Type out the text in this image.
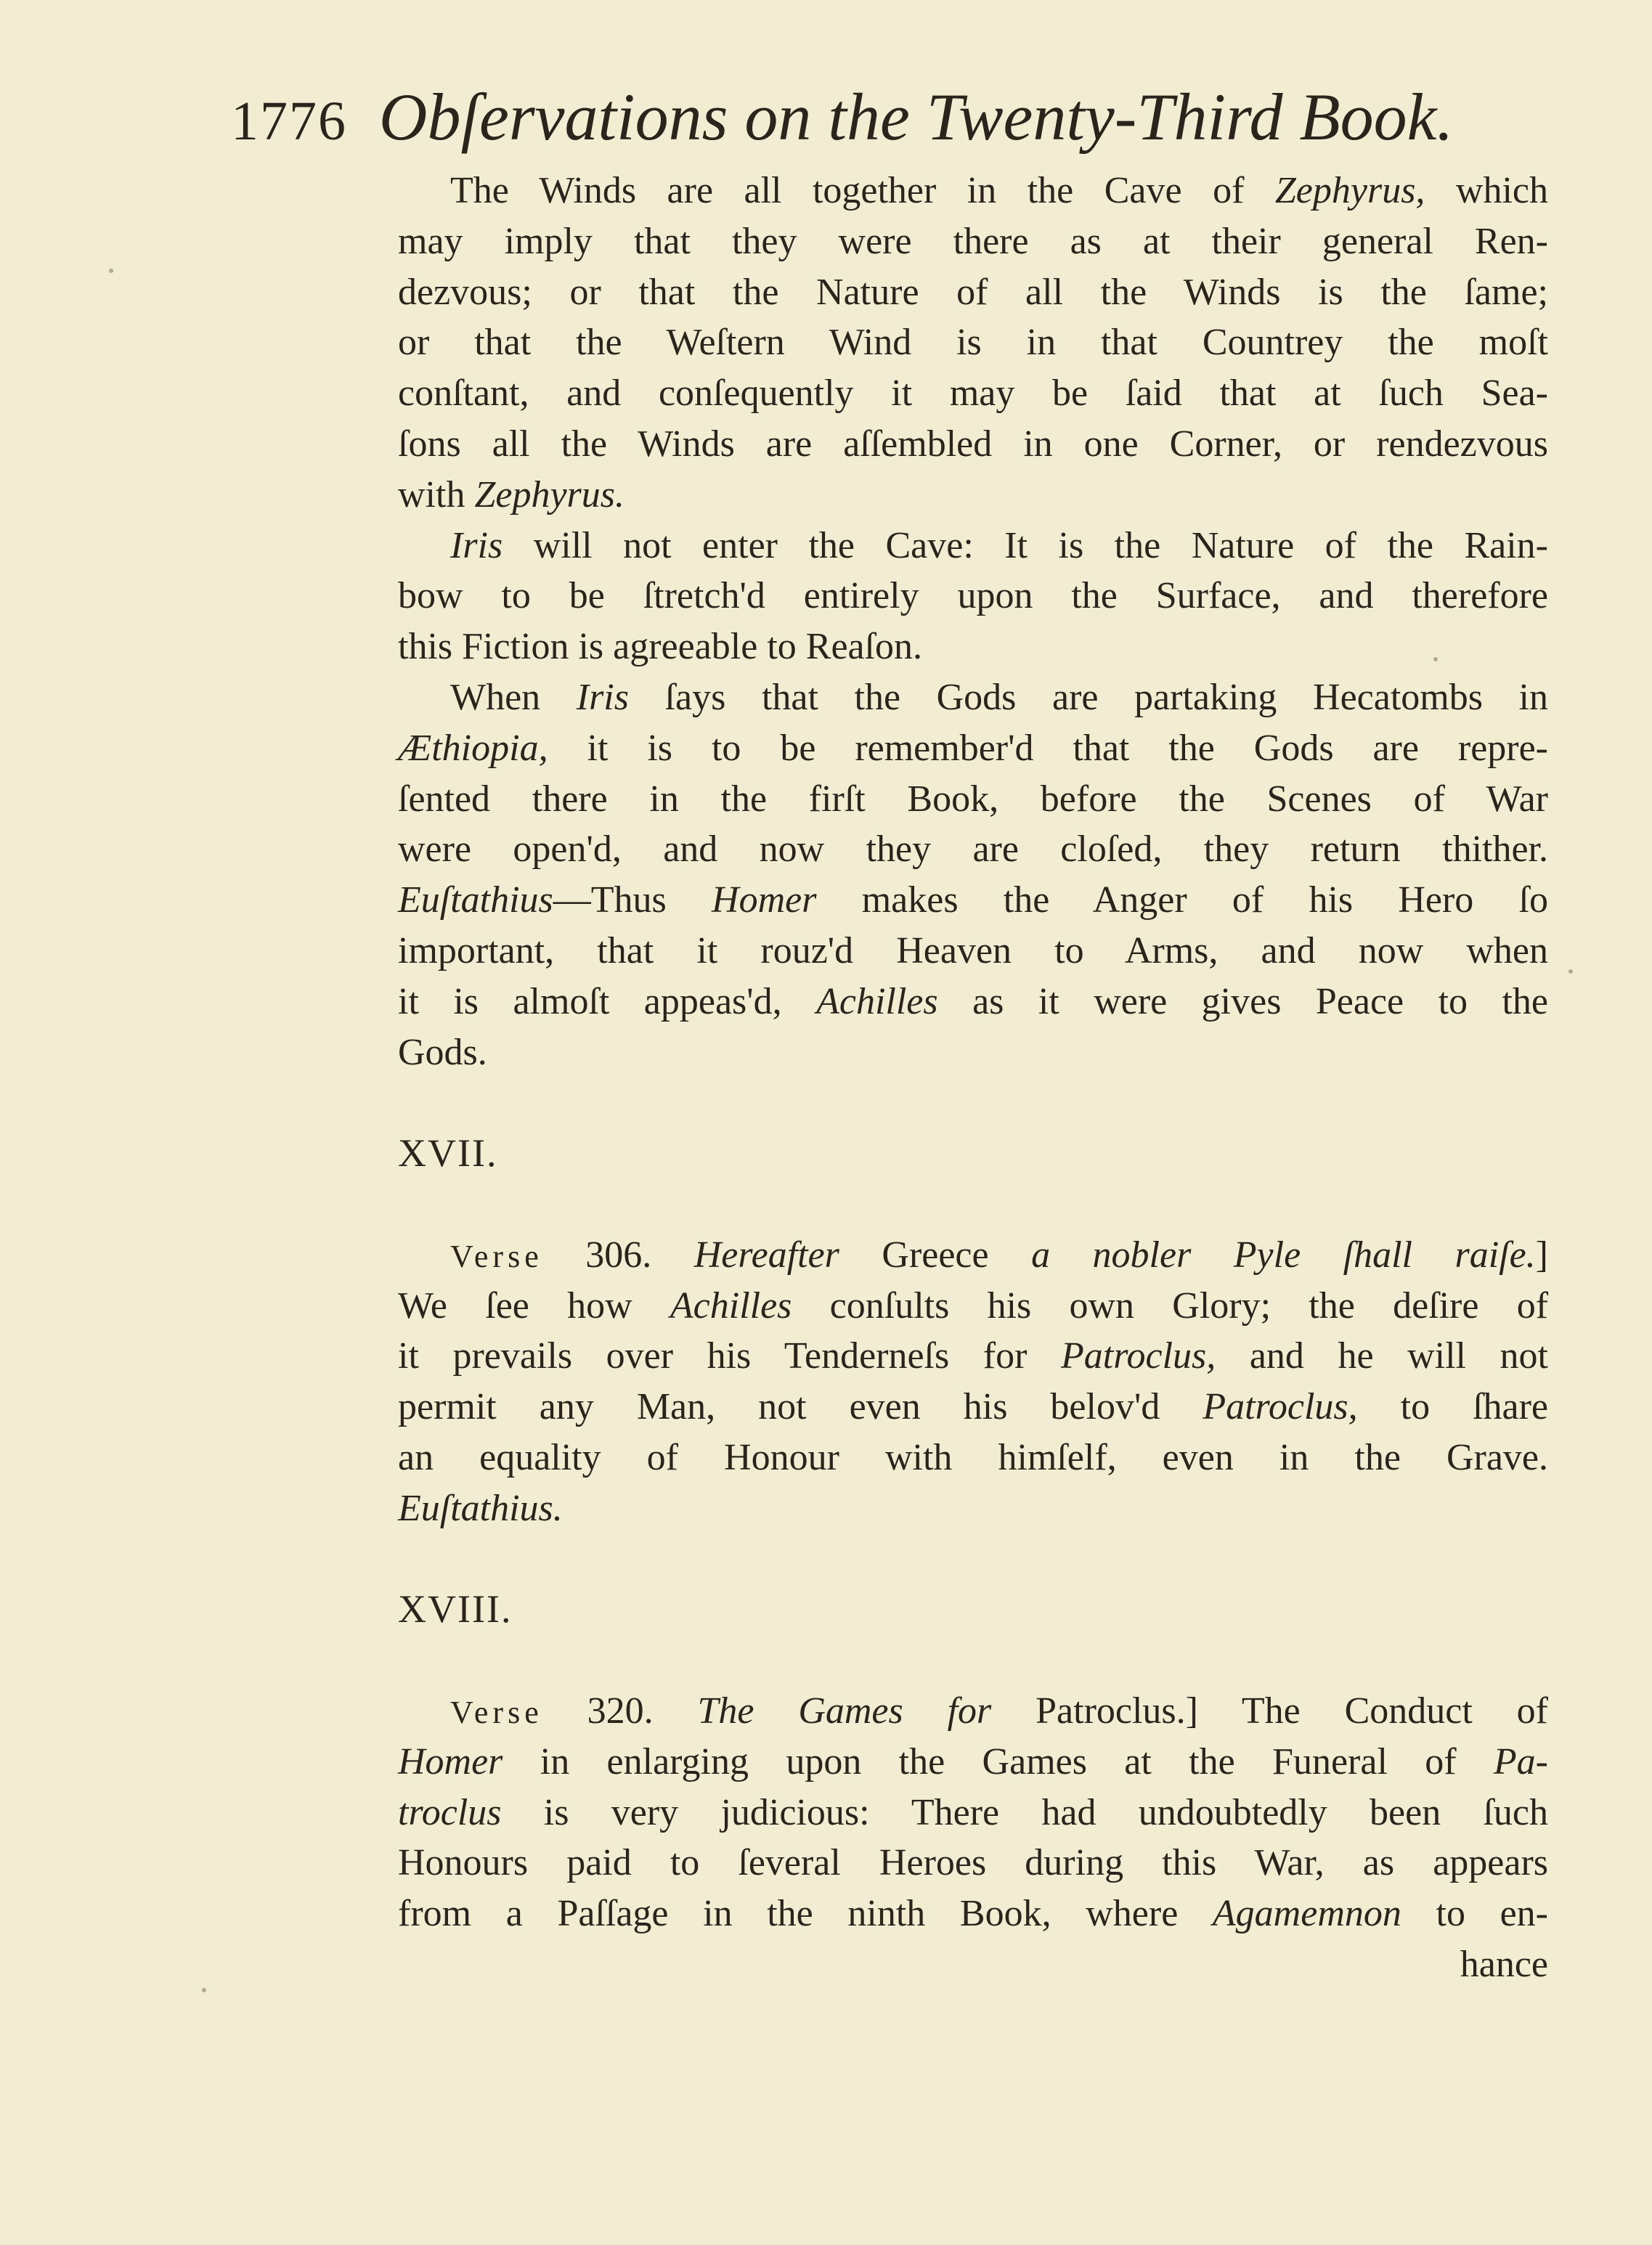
1776 Obſervations on the Twenty-Third Book.
The Winds are all together in the Cave of Zephyrus, which
may imply that they were there as at their general Ren-
dezvous; or that the Nature of all the Winds is the ſame;
or that the Weſtern Wind is in that Countrey the moſt
conſtant, and conſequently it may be ſaid that at ſuch Sea-
ſons all the Winds are aſſembled in one Corner, or rendezvous
with Zephyrus.
Iris will not enter the Cave: It is the Nature of the Rain-
bow to be ſtretch'd entirely upon the Surface, and therefore
this Fiction is agreeable to Reaſon.
When Iris ſays that the Gods are partaking Hecatombs in
Æthiopia, it is to be remember'd that the Gods are repre-
ſented there in the firſt Book, before the Scenes of War
were open'd, and now they are cloſed, they return thither.
Euſtathius—Thus Homer makes the Anger of his Hero ſo
important, that it rouz'd Heaven to Arms, and now when
it is almoſt appeas'd, Achilles as it were gives Peace to the
Gods.
XVII.
Verse 306. Hereafter Greece a nobler Pyle ſhall raiſe.]
We ſee how Achilles conſults his own Glory; the deſire of
it prevails over his Tenderneſs for Patroclus, and he will not
permit any Man, not even his belov'd Patroclus, to ſhare
an equality of Honour with himſelf, even in the Grave.
Euſtathius.
XVIII.
Verse 320. The Games for Patroclus.] The Conduct of
Homer in enlarging upon the Games at the Funeral of Pa-
troclus is very judicious: There had undoubtedly been ſuch
Honours paid to ſeveral Heroes during this War, as appears
from a Paſſage in the ninth Book, where Agamemnon to en-
hance
